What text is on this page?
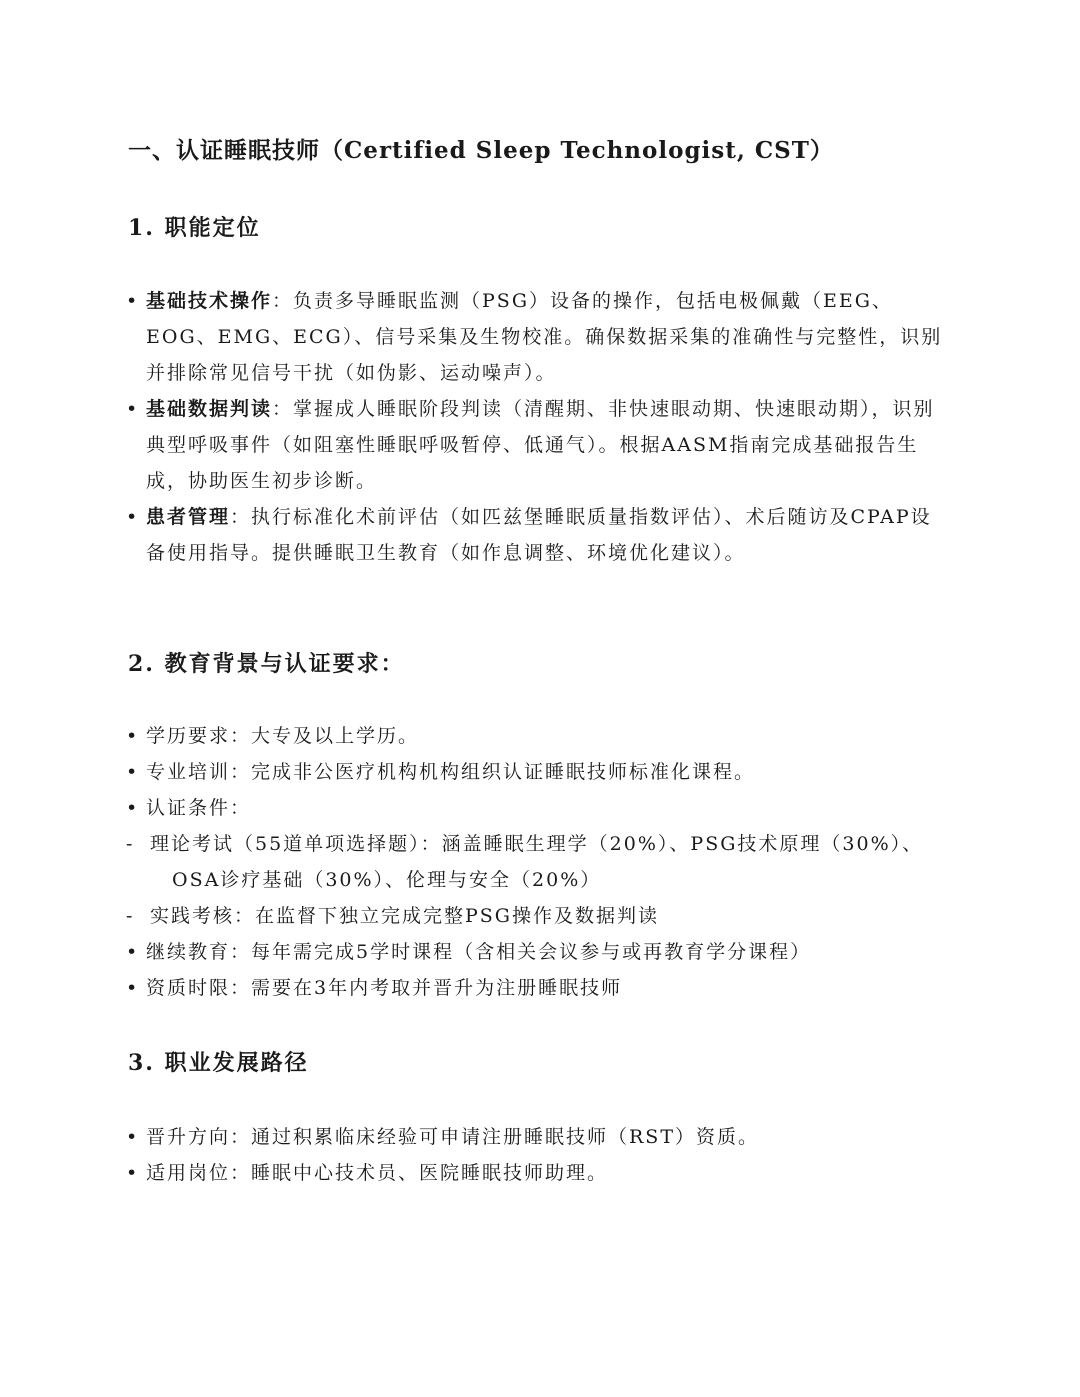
一、认证睡眠技师（Certified Sleep Technologist, CST）
1. 职能定位
• 基础技术操作：负责多导睡眠监测（PSG）设备的操作，包括电极佩戴（EEG、EOG、EMG、ECG）、信号采集及生物校准。确保数据采集的准确性与完整性，识别并排除常见信号干扰（如伪影、运动噪声）。
• 基础数据判读：掌握成人睡眠阶段判读（清醒期、非快速眼动期、快速眼动期），识别典型呼吸事件（如阻塞性睡眠呼吸暂停、低通气）。根据AASM指南完成基础报告生成，协助医生初步诊断。
• 患者管理：执行标准化术前评估（如匹兹堡睡眠质量指数评估）、术后随访及CPAP设备使用指导。提供睡眠卫生教育（如作息调整、环境优化建议）。
2. 教育背景与认证要求：
• 学历要求：大专及以上学历。
• 专业培训：完成非公医疗机构机构组织认证睡眠技师标准化课程。
• 认证条件：
- 理论考试（55道单项选择题）：涵盖睡眠生理学（20%）、PSG技术原理（30%）、
OSA诊疗基础（30%）、伦理与安全（20%）
- 实践考核：在监督下独立完成完整PSG操作及数据判读
• 继续教育：每年需完成5学时课程（含相关会议参与或再教育学分课程）
• 资质时限：需要在3年内考取并晋升为注册睡眠技师
3. 职业发展路径
• 晋升方向：通过积累临床经验可申请注册睡眠技师（RST）资质。
• 适用岗位：睡眠中心技术员、医院睡眠技师助理。
